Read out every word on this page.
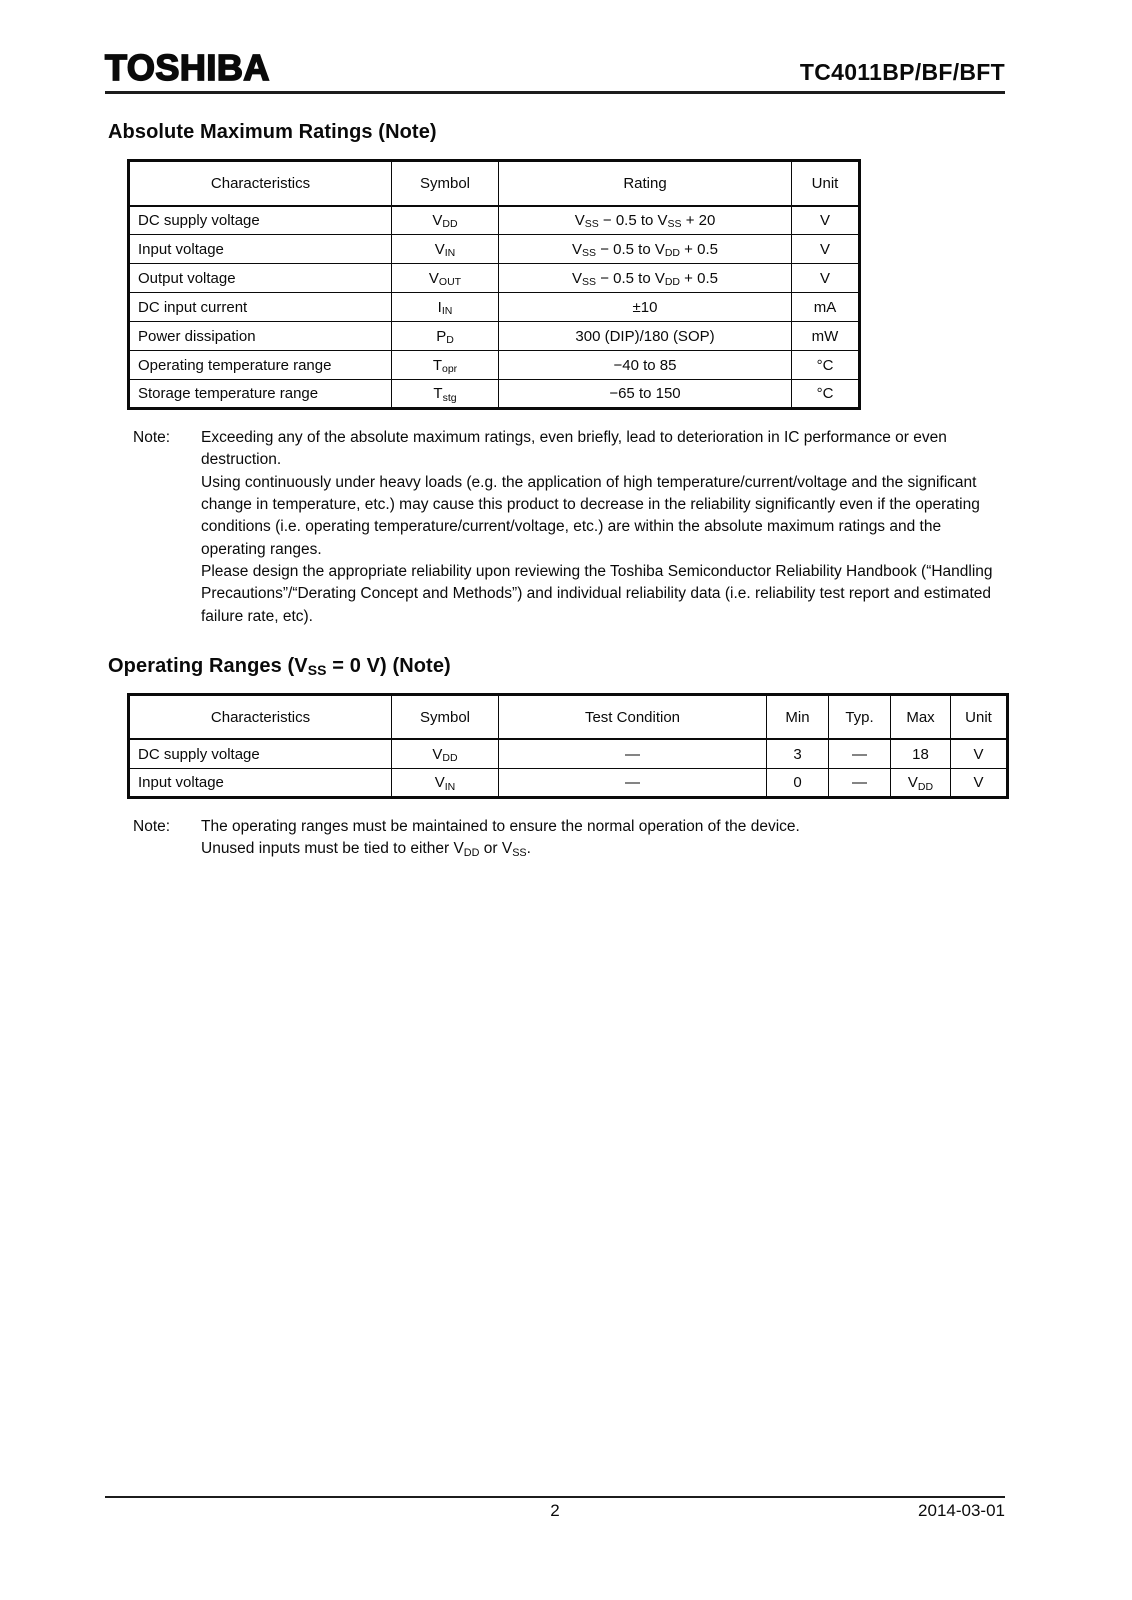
TOSHIBA	TC4011BP/BF/BFT
Absolute Maximum Ratings (Note)
Characteristics	Symbol	Rating	Unit
DC supply voltage	$V_{DD}$	$V_{SS} - 0.5$ to $V_{SS} + 20$	V
Input voltage	$V_{IN}$	$V_{SS} - 0.5$ to $V_{DD} + 0.5$	V
Output voltage	$V_{OUT}$	$V_{SS} - 0.5$ to $V_{DD} + 0.5$	V
DC input current	$I_{IN}$	±10	mA
Power dissipation	$P_D$	300 (DIP)/180 (SOP)	mW
Operating temperature range	$T_{opr}$	−40 to 85	°C
Storage temperature range	$T_{stg}$	−65 to 150	°C
Note:	Exceeding any of the absolute maximum ratings, even briefly, lead to deterioration in IC performance or even destruction.

Using continuously under heavy loads (e.g. the application of high temperature/current/voltage and the significant change in temperature, etc.) may cause this product to decrease in the reliability significantly even if the operating conditions (i.e. operating temperature/current/voltage, etc.) are within the absolute maximum ratings and the operating ranges.

Please design the appropriate reliability upon reviewing the Toshiba Semiconductor Reliability Handbook (“Handling Precautions”/“Derating Concept and Methods”) and individual reliability data (i.e. reliability test report and estimated failure rate, etc).

Operating Ranges ($V_{SS} = 0$ V) (Note)
Characteristics	Symbol	Test Condition	Min	Typ.	Max	Unit
DC supply voltage	$V_{DD}$	—	3	—	18	V
Input voltage	$V_{IN}$	—	0	—	$V_{DD}$	V
Note:	The operating ranges must be maintained to ensure the normal operation of the device.

Unused inputs must be tied to either $V_{DD}$ or $V_{SS}$.

2	2014-03-01
